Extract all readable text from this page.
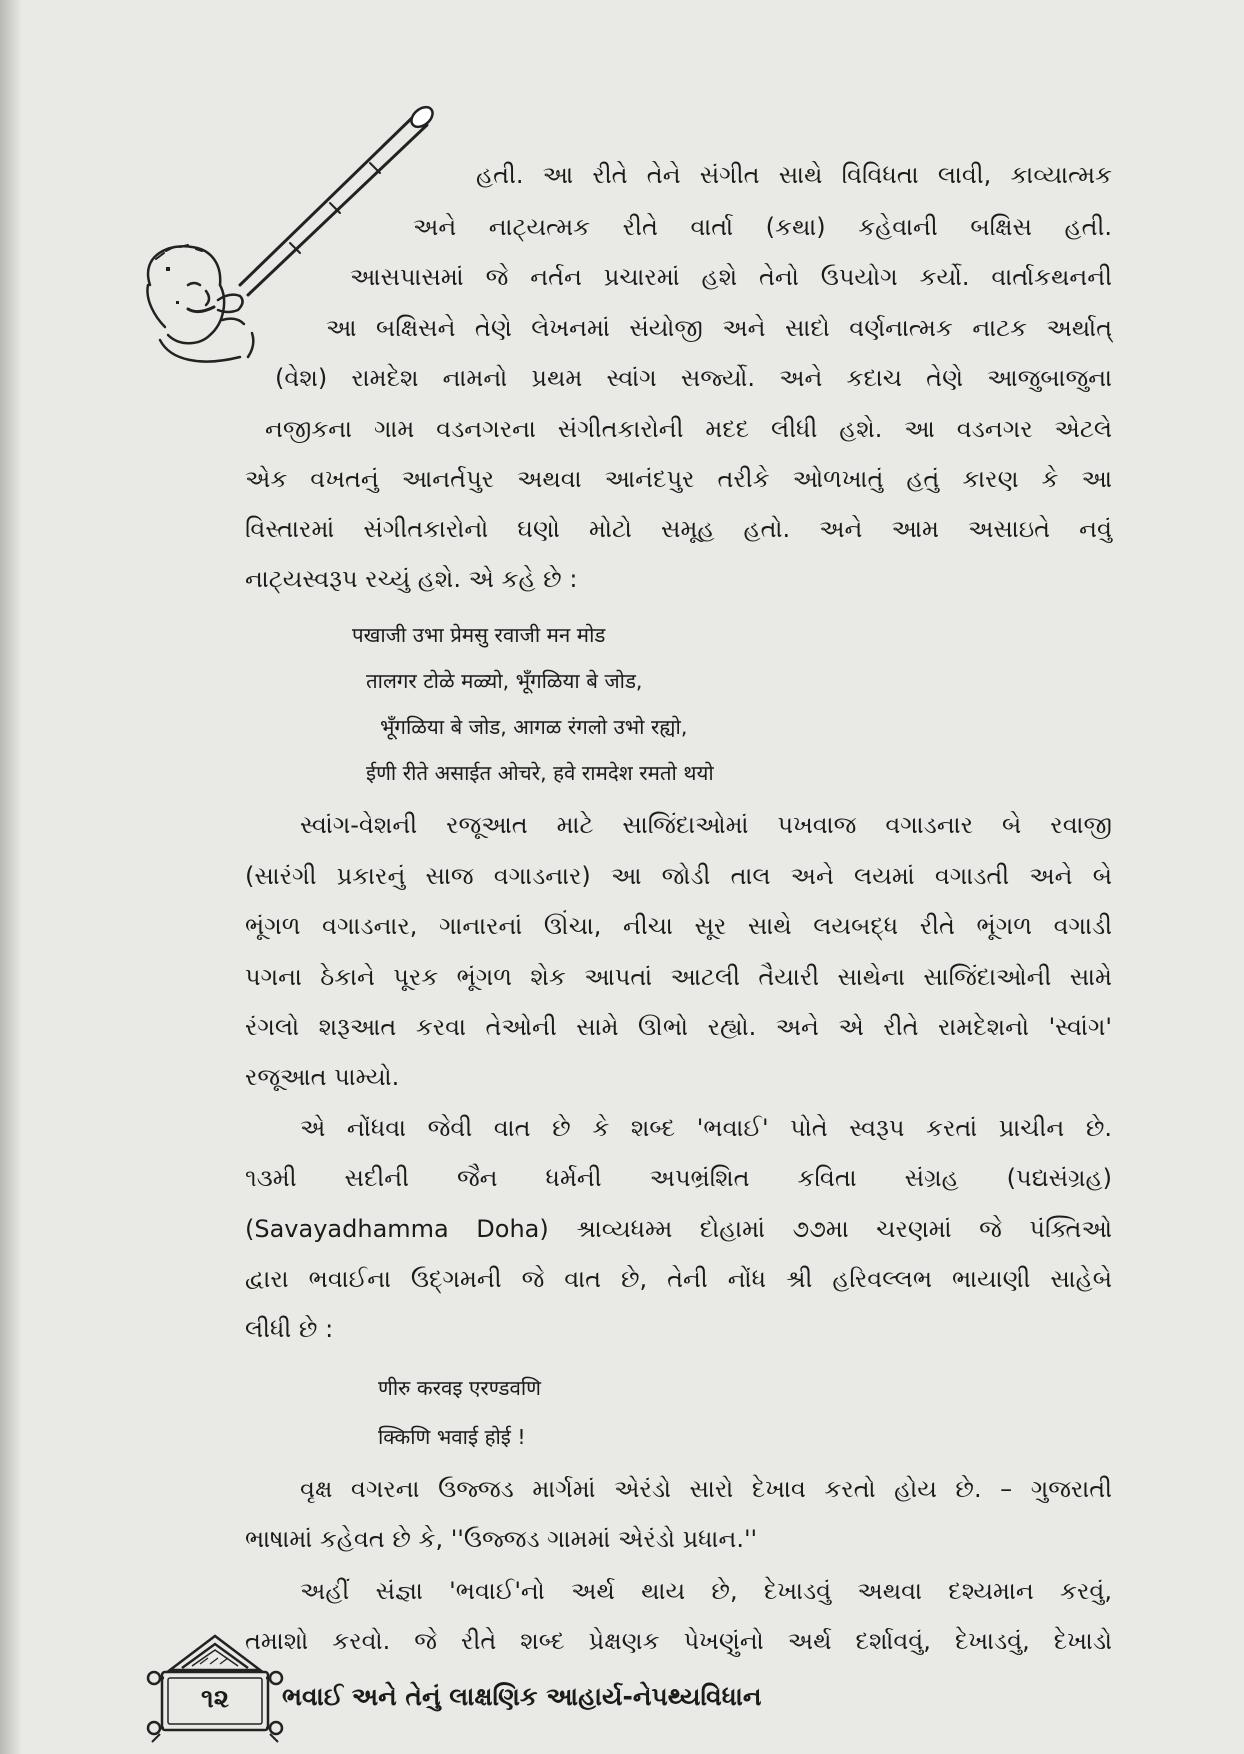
હતી. આ રીતે તેને સંગીત સાથે વિવિધતા લાવી, કાવ્યાત્મક
અને નાટ્યત્મક રીતે વાર્તા (કથા) કહેવાની બક્ષિસ હતી.
આસપાસમાં જે નર્તન પ્રચારમાં હશે તેનો ઉપયોગ કર્યો. વાર્તાકથનની
આ બક્ષિસને તેણે લેખનમાં સંયોજી અને સાદો વર્ણનાત્મક નાટક અર્થાત્
(વેશ) રામદેશ નામનો પ્રથમ સ્વાંગ સર્જ્યો. અને કદાચ તેણે આજુબાજુના
નજીકના ગામ વડનગરના સંગીતકારોની મદદ લીધી હશે. આ વડનગર એટલે
એક વખતનું આનર્તપુર અથવા આનંદપુર તરીકે ઓળખાતું હતું કારણ કે આ
વિસ્તારમાં સંગીતકારોનો ઘણો મોટો સમૂહ હતો. અને આમ અસાઇતે નવું
નાટ્યસ્વરૂપ રચ્યું હશે. એ કહે છે :
पखाजी उभा प्रेमसु रवाजी मन मोड
तालगर टोळे मळ्यो, भूँगळिया बे जोड,
भूँगळिया बे जोड, आगळ रंगलो उभो रह्यो,
ईणी रीते असाईत ओचरे, हवे रामदेश रमतो थयो
સ્વાંગ-વેશની રજૂઆત માટે સાજિંદાઓમાં પખવાજ વગાડનાર બે રવાજી
(સારંગી પ્રકારનું સાજ વગાડનાર) આ જોડી તાલ અને લયમાં વગાડતી અને બે
ભૂંગળ વગાડનાર, ગાનારનાં ઊંચા, નીચા સૂર સાથે લયબદ્ધ રીતે ભૂંગળ વગાડી
પગના ઠેકાને પૂરક ભૂંગળ શેક આપતાં આટલી તૈયારી સાથેના સાજિંદાઓની સામે
રંગલો શરૂઆત કરવા તેઓની સામે ઊભો રહ્યો. અને એ રીતે રામદેશનો 'સ્વાંગ'
રજૂઆત પામ્યો.
એ નોંધવા જેવી વાત છે કે શબ્દ 'ભવાઈ' પોતે સ્વરૂપ કરતાં પ્રાચીન છે.
૧૩મી સદીની જૈન ધર્મની અપભ્રંશિત કવિતા સંગ્રહ (પદ્યસંગ્રહ)
(Savayadhamma Doha) શ્રાવ્યધમ્મ દોહામાં ૭૭મા ચરણમાં જે પંક્તિઓ
દ્વારા ભવાઈના ઉદ્ગમની જે વાત છે, તેની નોંધ શ્રી હરિવલ્લભ ભાયાણી સાહેબે
લીધી છે :
णीरु करवइ एरण्डवणि
क्किणि भवाई होई !
વૃક્ષ વગરના ઉજ્જડ માર્ગમાં એરંડો સારો દેખાવ કરતો હોય છે. – ગુજરાતી
ભાષામાં કહેવત છે કે, ''ઉજ્જડ ગામમાં એરંડો પ્રધાન.''
અહીં સંજ્ઞા 'ભવાઈ'નો અર્થ થાય છે, દેખાડવું અથવા દશ્યમાન કરવું,
તમાશો કરવો. જે રીતે શબ્દ પ્રેક્ષણક પેખણુંનો અર્થ દર્શાવવું, દેખાડવું, દેખાડો
૧૨	ભવાઈ અને તેનું લાક્ષણિક આહાર્ય-નેપથ્યવિધાન
